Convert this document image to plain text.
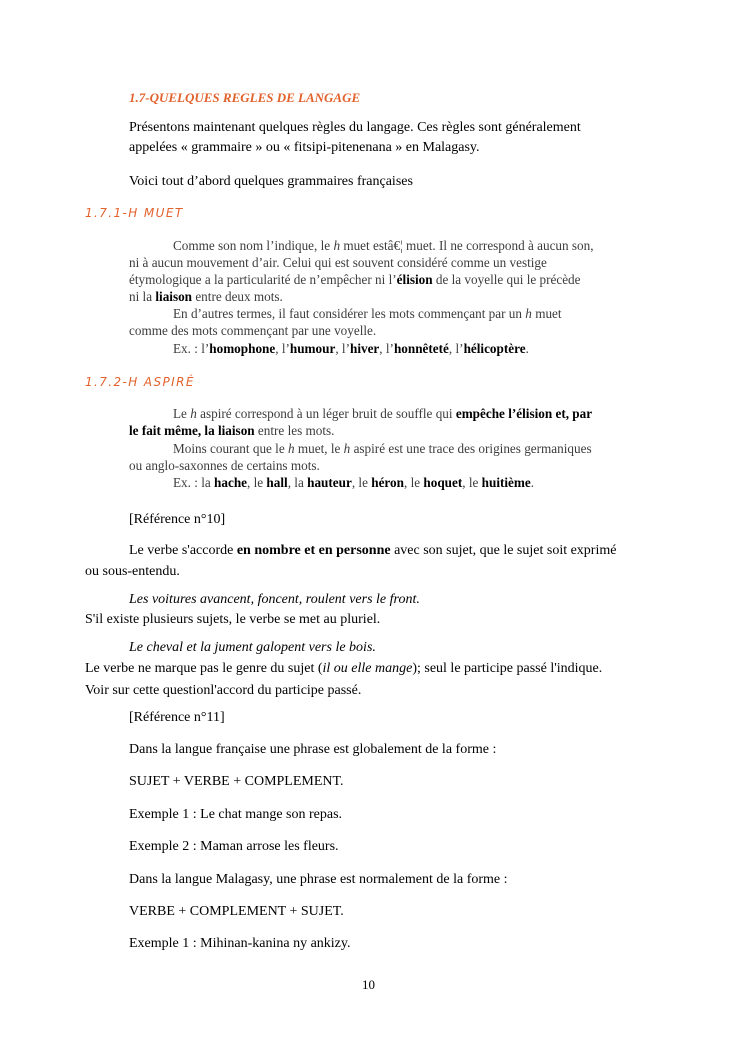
1.7-QUELQUES REGLES DE LANGAGE
Présentons maintenant quelques règles du langage. Ces règles sont généralement
appelées « grammaire » ou « fitsipi-pitenenana » en Malagasy.
Voici tout d’abord quelques grammaires françaises
1.7.1-H MUET
Comme son nom l’indique, le h muet estâ€¦ muet. Il ne correspond à aucun son,
ni à aucun mouvement d’air. Celui qui est souvent considéré comme un vestige
étymologique a la particularité de n’empêcher ni l’élision de la voyelle qui le précède
ni la liaison entre deux mots.
En d’autres termes, il faut considérer les mots commençant par un h muet
comme des mots commençant par une voyelle.
Ex. : l’homophone, l’humour, l’hiver, l’honnêteté, l’hélicoptère.
1.7.2-H ASPIRÉ
Le h aspiré correspond à un léger bruit de souffle qui empêche l’élision et, par
le fait même, la liaison entre les mots.
Moins courant que le h muet, le h aspiré est une trace des origines germaniques
ou anglo-saxonnes de certains mots.
Ex. : la hache, le hall, la hauteur, le héron, le hoquet, le huitième.
[Référence n°10]
Le verbe s'accorde en nombre et en personne avec son sujet, que le sujet soit exprimé
ou sous-entendu.
Les voitures avancent, foncent, roulent vers le front.
S'il existe plusieurs sujets, le verbe se met au pluriel.
Le cheval et la jument galopent vers le bois.
Le verbe ne marque pas le genre du sujet (il ou elle mange); seul le participe passé l'indique.
Voir sur cette questionl'accord du participe passé.
[Référence n°11]
Dans la langue française une phrase est globalement de la forme :
SUJET + VERBE + COMPLEMENT.
Exemple 1 : Le chat mange son repas.
Exemple 2 : Maman arrose les fleurs.
Dans la langue Malagasy, une phrase est normalement de la forme :
VERBE + COMPLEMENT + SUJET.
Exemple 1 : Mihinan-kanina ny ankizy.
10
